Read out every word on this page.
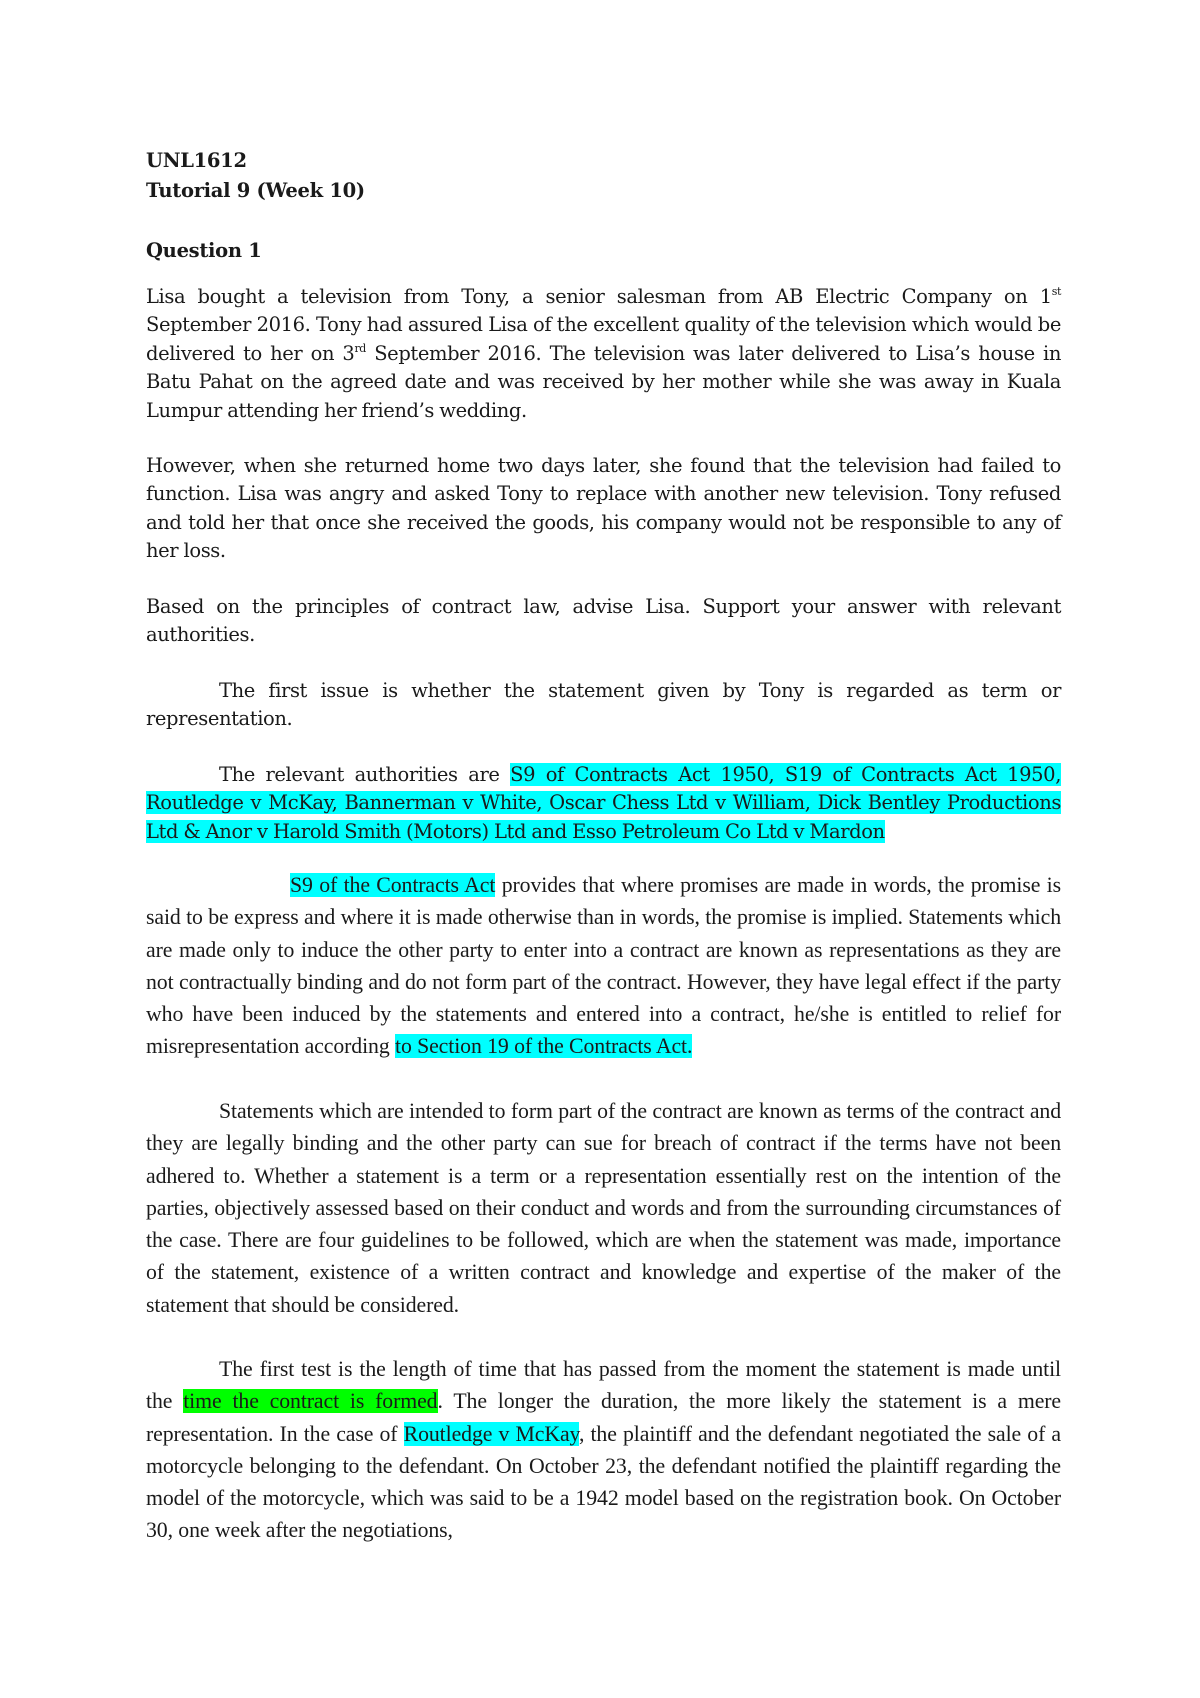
UNL1612
Tutorial 9 (Week 10)
Question 1
Lisa bought a television from Tony, a senior salesman from AB Electric Company on 1st September 2016. Tony had assured Lisa of the excellent quality of the television which would be delivered to her on 3rd September 2016. The television was later delivered to Lisa’s house in Batu Pahat on the agreed date and was received by her mother while she was away in Kuala Lumpur attending her friend’s wedding.
However, when she returned home two days later, she found that the television had failed to function. Lisa was angry and asked Tony to replace with another new television. Tony refused and told her that once she received the goods, his company would not be responsible to any of her loss.
Based on the principles of contract law, advise Lisa. Support your answer with relevant authorities.
The first issue is whether the statement given by Tony is regarded as term or representation.
The relevant authorities are S9 of Contracts Act 1950, S19 of Contracts Act 1950, Routledge v McKay, Bannerman v White, Oscar Chess Ltd v William, Dick Bentley Productions Ltd & Anor v Harold Smith (Motors) Ltd and Esso Petroleum Co Ltd v Mardon
S9 of the Contracts Act provides that where promises are made in words, the promise is said to be express and where it is made otherwise than in words, the promise is implied. Statements which are made only to induce the other party to enter into a contract are known as representations as they are not contractually binding and do not form part of the contract. However, they have legal effect if the party who have been induced by the statements and entered into a contract, he/she is entitled to relief for misrepresentation according to Section 19 of the Contracts Act.
Statements which are intended to form part of the contract are known as terms of the contract and they are legally binding and the other party can sue for breach of contract if the terms have not been adhered to. Whether a statement is a term or a representation essentially rest on the intention of the parties, objectively assessed based on their conduct and words and from the surrounding circumstances of the case. There are four guidelines to be followed, which are when the statement was made, importance of the statement, existence of a written contract and knowledge and expertise of the maker of the statement that should be considered.
The first test is the length of time that has passed from the moment the statement is made until the time the contract is formed. The longer the duration, the more likely the statement is a mere representation. In the case of Routledge v McKay, the plaintiff and the defendant negotiated the sale of a motorcycle belonging to the defendant. On October 23, the defendant notified the plaintiff regarding the model of the motorcycle, which was said to be a 1942 model based on the registration book. On October 30, one week after the negotiations,
